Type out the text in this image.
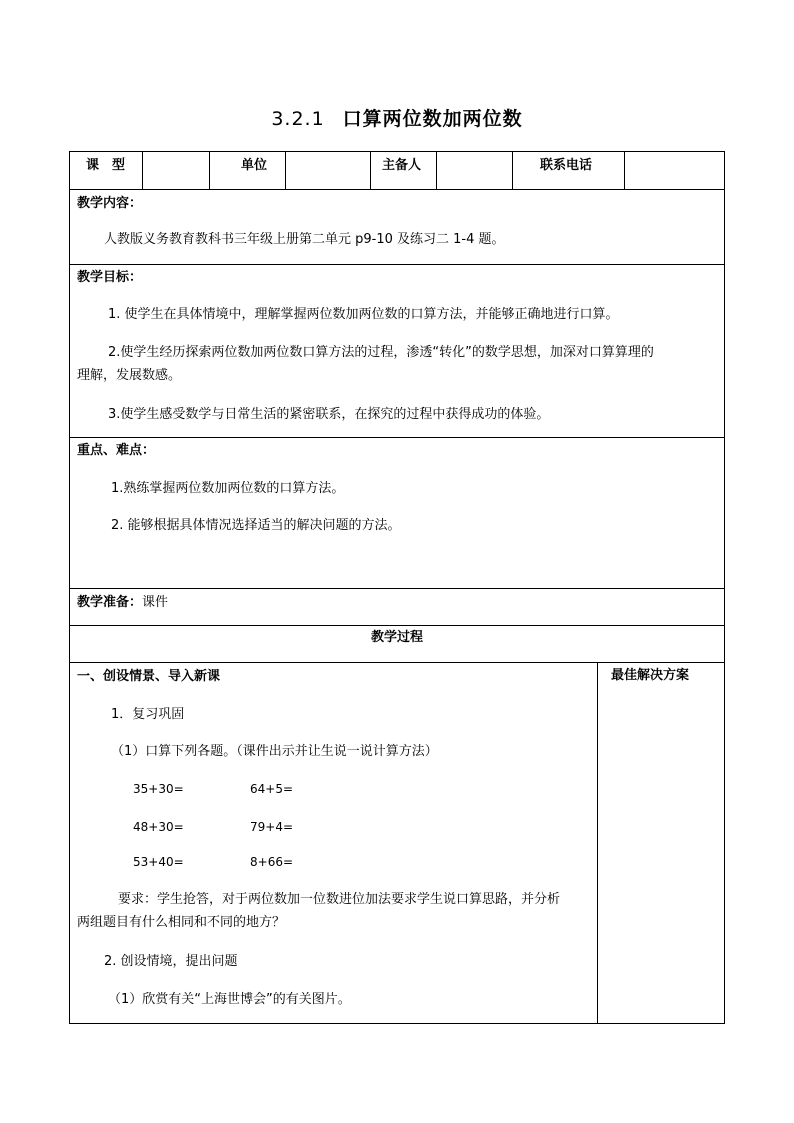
3.2.1 口算两位数加两位数
课　型	单位	主备人	联系电话
教学内容：
人教版义务教育教科书三年级上册第二单元 p9-10 及练习二 1-4 题。
教学目标：
1. 使学生在具体情境中，理解掌握两位数加两位数的口算方法，并能够正确地进行口算。
2.使学生经历探索两位数加两位数口算方法的过程，渗透“转化”的数学思想，加深对口算算理的
理解，发展数感。
3.使学生感受数学与日常生活的紧密联系，在探究的过程中获得成功的体验。
重点、难点：
1.熟练掌握两位数加两位数的口算方法。
2. 能够根据具体情况选择适当的解决问题的方法。
教学准备：课件
教学过程
最佳解决方案
一、创设情景、导入新课
1．复习巩固
（1）口算下列各题。（课件出示并让生说一说计算方法）
35+30=	64+5=
48+30=	79+4=
53+40=	8+66=
要求：学生抢答，对于两位数加一位数进位加法要求学生说口算思路，并分析
两组题目有什么相同和不同的地方？
2. 创设情境，提出问题
（1）欣赏有关“上海世博会”的有关图片。
